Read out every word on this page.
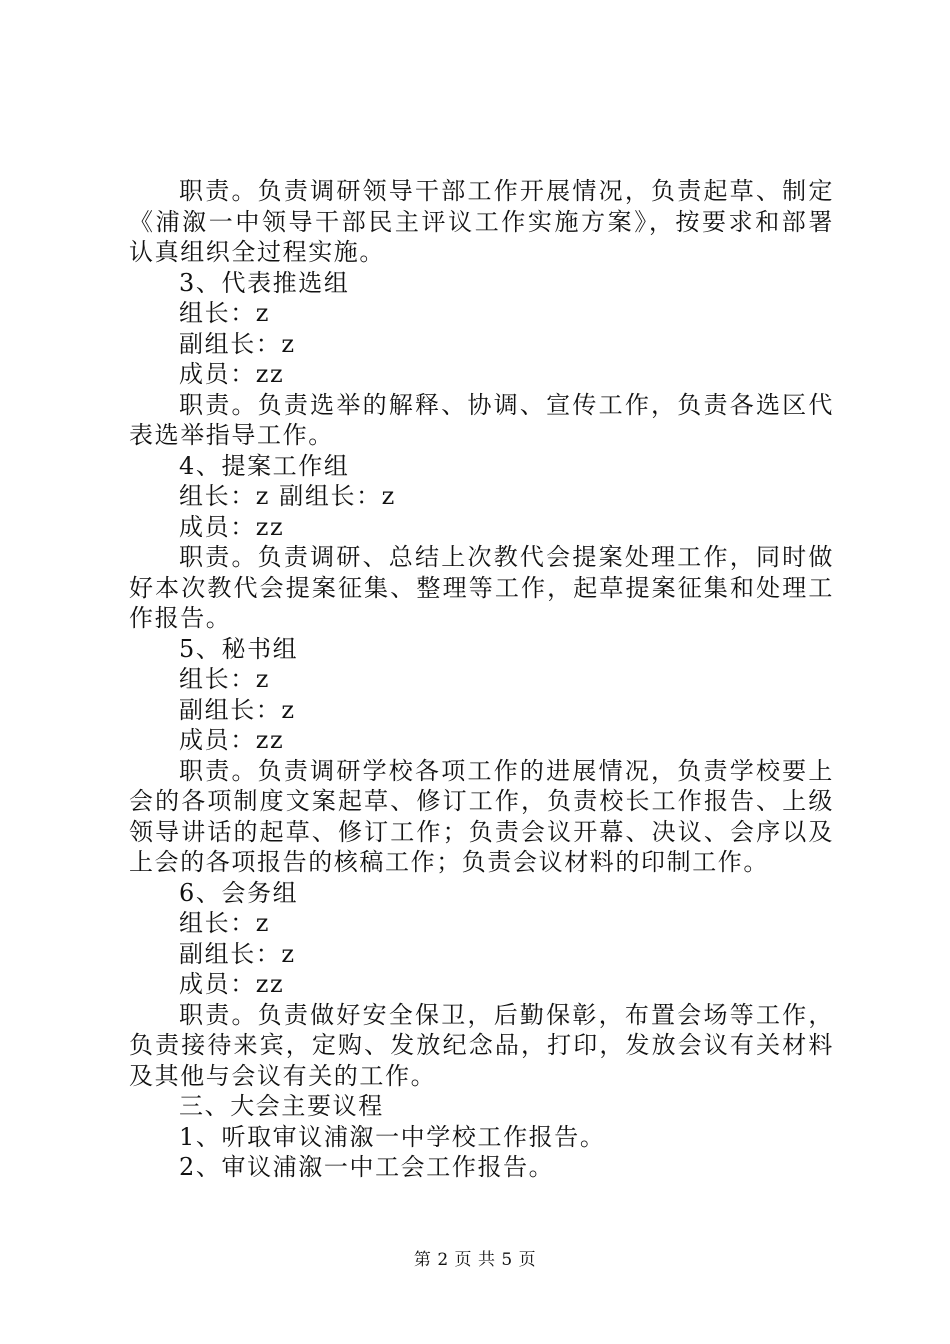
职责。负责调研领导干部工作开展情况，负责起草、制定
《浦溆一中领导干部民主评议工作实施方案》，按要求和部署
认真组织全过程实施。
3、代表推选组
组长：z
副组长：z
成员：zz
职责。负责选举的解释、协调、宣传工作，负责各选区代
表选举指导工作。
4、提案工作组
组长：z 副组长：z
成员：zz
职责。负责调研、总结上次教代会提案处理工作，同时做
好本次教代会提案征集、整理等工作，起草提案征集和处理工
作报告。
5、秘书组
组长：z
副组长：z
成员：zz
职责。负责调研学校各项工作的进展情况，负责学校要上
会的各项制度文案起草、修订工作，负责校长工作报告、上级
领导讲话的起草、修订工作；负责会议开幕、决议、会序以及
上会的各项报告的核稿工作；负责会议材料的印制工作。
6、会务组
组长：z
副组长：z
成员：zz
职责。负责做好安全保卫，后勤保彰，布置会场等工作，
负责接待来宾，定购、发放纪念品，打印，发放会议有关材料
及其他与会议有关的工作。
三、大会主要议程
1、听取审议浦溆一中学校工作报告。
2、审议浦溆一中工会工作报告。
第 2 页 共 5 页
